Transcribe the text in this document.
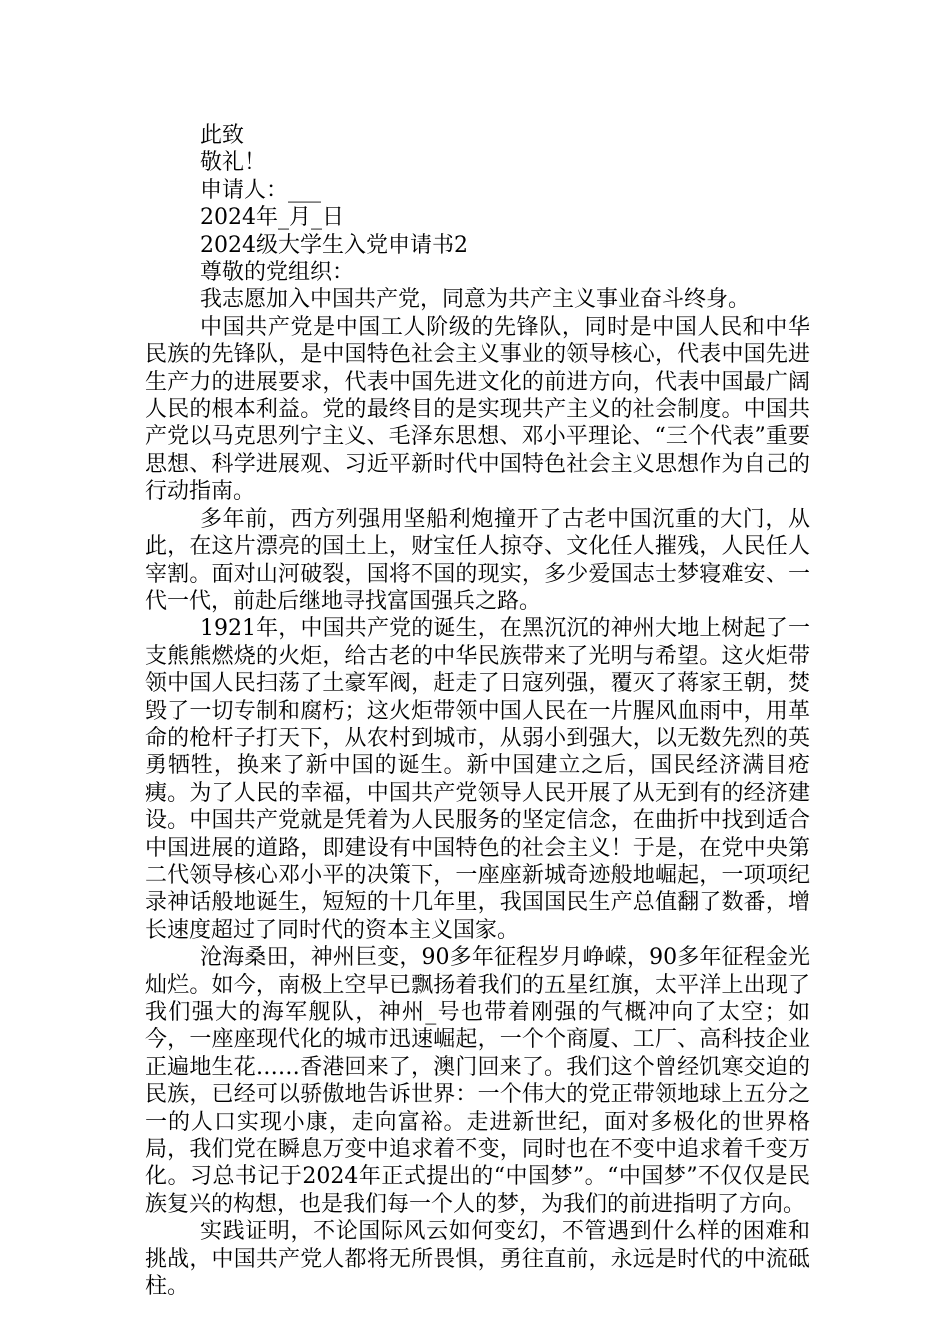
此致

敬礼！

申请人：___

2024年_月_日

2024级大学生入党申请书2

尊敬的党组织：

我志愿加入中国共产党，同意为共产主义事业奋斗终身。

中国共产党是中国工人阶级的先锋队，同时是中国人民和中华民族的先锋队，是中国特色社会主义事业的领导核心，代表中国先进生产力的进展要求，代表中国先进文化的前进方向，代表中国最广阔人民的根本利益。党的最终目的是实现共产主义的社会制度。中国共产党以马克思列宁主义、毛泽东思想、邓小平理论、“三个代表”重要思想、科学进展观、习近平新时代中国特色社会主义思想作为自己的行动指南。

多年前，西方列强用坚船利炮撞开了古老中国沉重的大门，从此，在这片漂亮的国土上，财宝任人掠夺、文化任人摧残，人民任人宰割。面对山河破裂，国将不国的现实，多少爱国志士梦寝难安、一代一代，前赴后继地寻找富国强兵之路。

1921年，中国共产党的诞生，在黑沉沉的神州大地上树起了一支熊熊燃烧的火炬，给古老的中华民族带来了光明与希望。这火炬带领中国人民扫荡了土豪军阀，赶走了日寇列强，覆灭了蒋家王朝，焚毁了一切专制和腐朽；这火炬带领中国人民在一片腥风血雨中，用革命的枪杆子打天下，从农村到城市，从弱小到强大，以无数先烈的英勇牺牲，换来了新中国的诞生。新中国建立之后，国民经济满目疮痍。为了人民的幸福，中国共产党领导人民开展了从无到有的经济建设。中国共产党就是凭着为人民服务的坚定信念，在曲折中找到适合中国进展的道路，即建设有中国特色的社会主义！于是，在党中央第二代领导核心邓小平的决策下，一座座新城奇迹般地崛起，一项项纪录神话般地诞生，短短的十几年里，我国国民生产总值翻了数番，增长速度超过了同时代的资本主义国家。

沧海桑田，神州巨变，90多年征程岁月峥嵘，90多年征程金光灿烂。如今，南极上空早已飘扬着我们的五星红旗，太平洋上出现了我们强大的海军舰队，神州_号也带着刚强的气概冲向了太空；如今，一座座现代化的城市迅速崛起，一个个商厦、工厂、高科技企业正遍地生花……香港回来了，澳门回来了。我们这个曾经饥寒交迫的民族，已经可以骄傲地告诉世界：一个伟大的党正带领地球上五分之一的人口实现小康，走向富裕。走进新世纪，面对多极化的世界格局，我们党在瞬息万变中追求着不变，同时也在不变中追求着千变万化。习总书记于2024年正式提出的“中国梦”。“中国梦”不仅仅是民族复兴的构想，也是我们每一个人的梦，为我们的前进指明了方向。

实践证明，不论国际风云如何变幻，不管遇到什么样的困难和挑战，中国共产党人都将无所畏惧，勇往直前，永远是时代的中流砥柱。
